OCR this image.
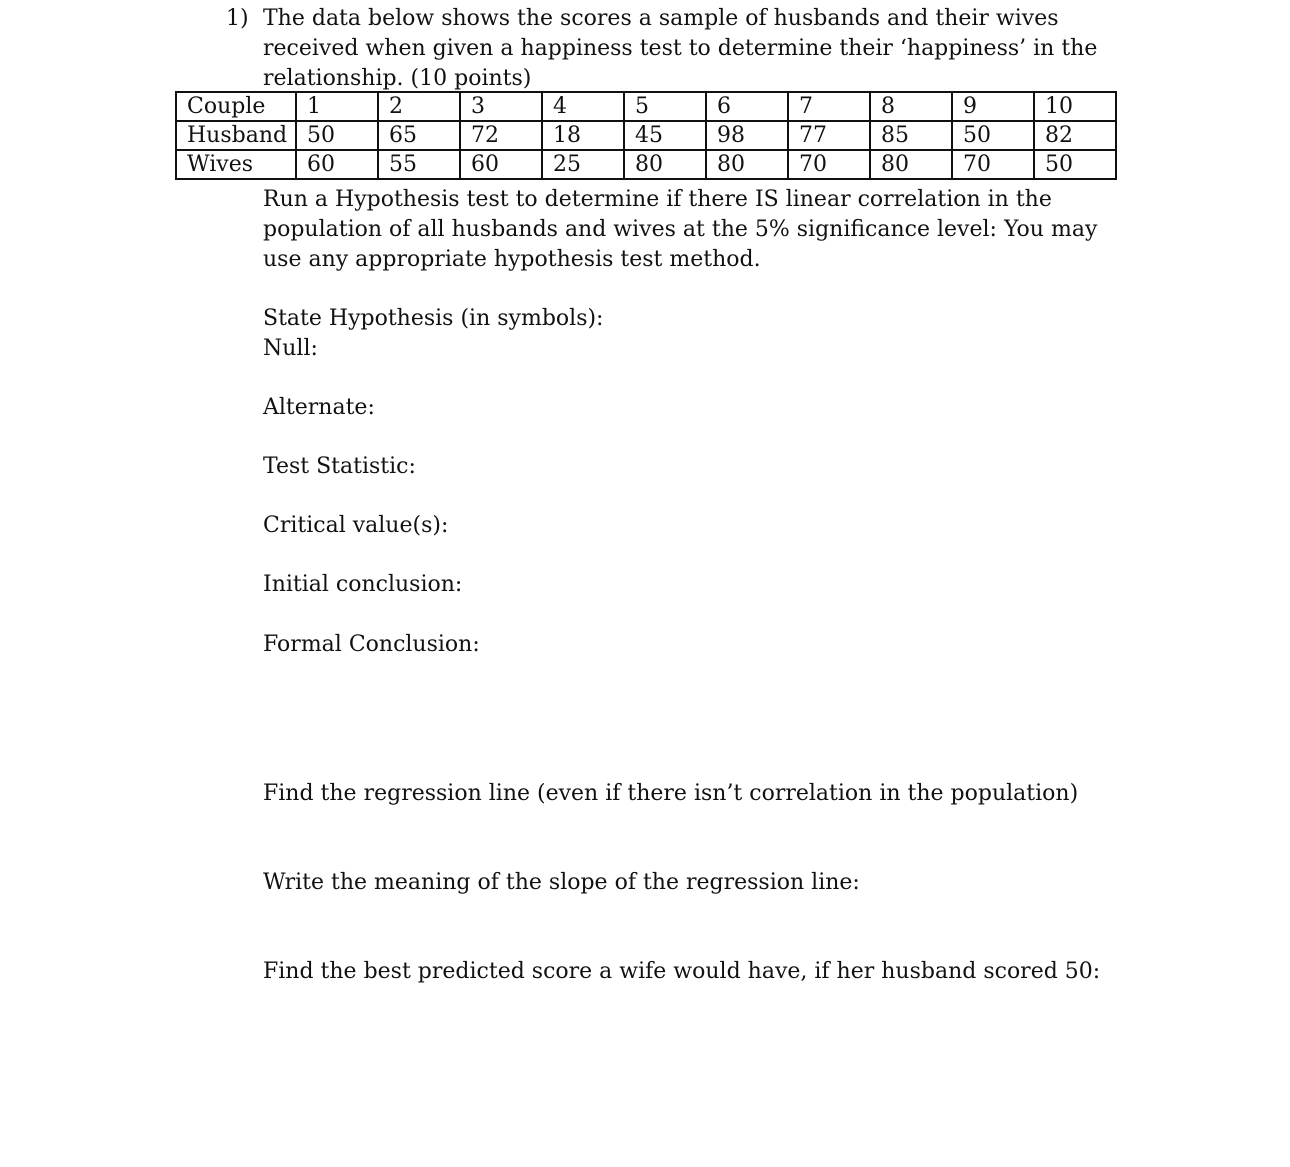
1) The data below shows the scores a sample of husbands and their wives
received when given a happiness test to determine their ‘happiness’ in the
relationship. (10 points)

Couple	1	2	3	4	5	6	7	8	9	10
Husband	50	65	72	18	45	98	77	85	50	82
Wives	60	55	60	25	80	80	70	80	70	50

Run a Hypothesis test to determine if there IS linear correlation in the
population of all husbands and wives at the 5% significance level: You may
use any appropriate hypothesis test method.

State Hypothesis (in symbols):
Null:

Alternate:

Test Statistic:

Critical value(s):

Initial conclusion:

Formal Conclusion:

Find the regression line (even if there isn’t correlation in the population)

Write the meaning of the slope of the regression line:

Find the best predicted score a wife would have, if her husband scored 50:
